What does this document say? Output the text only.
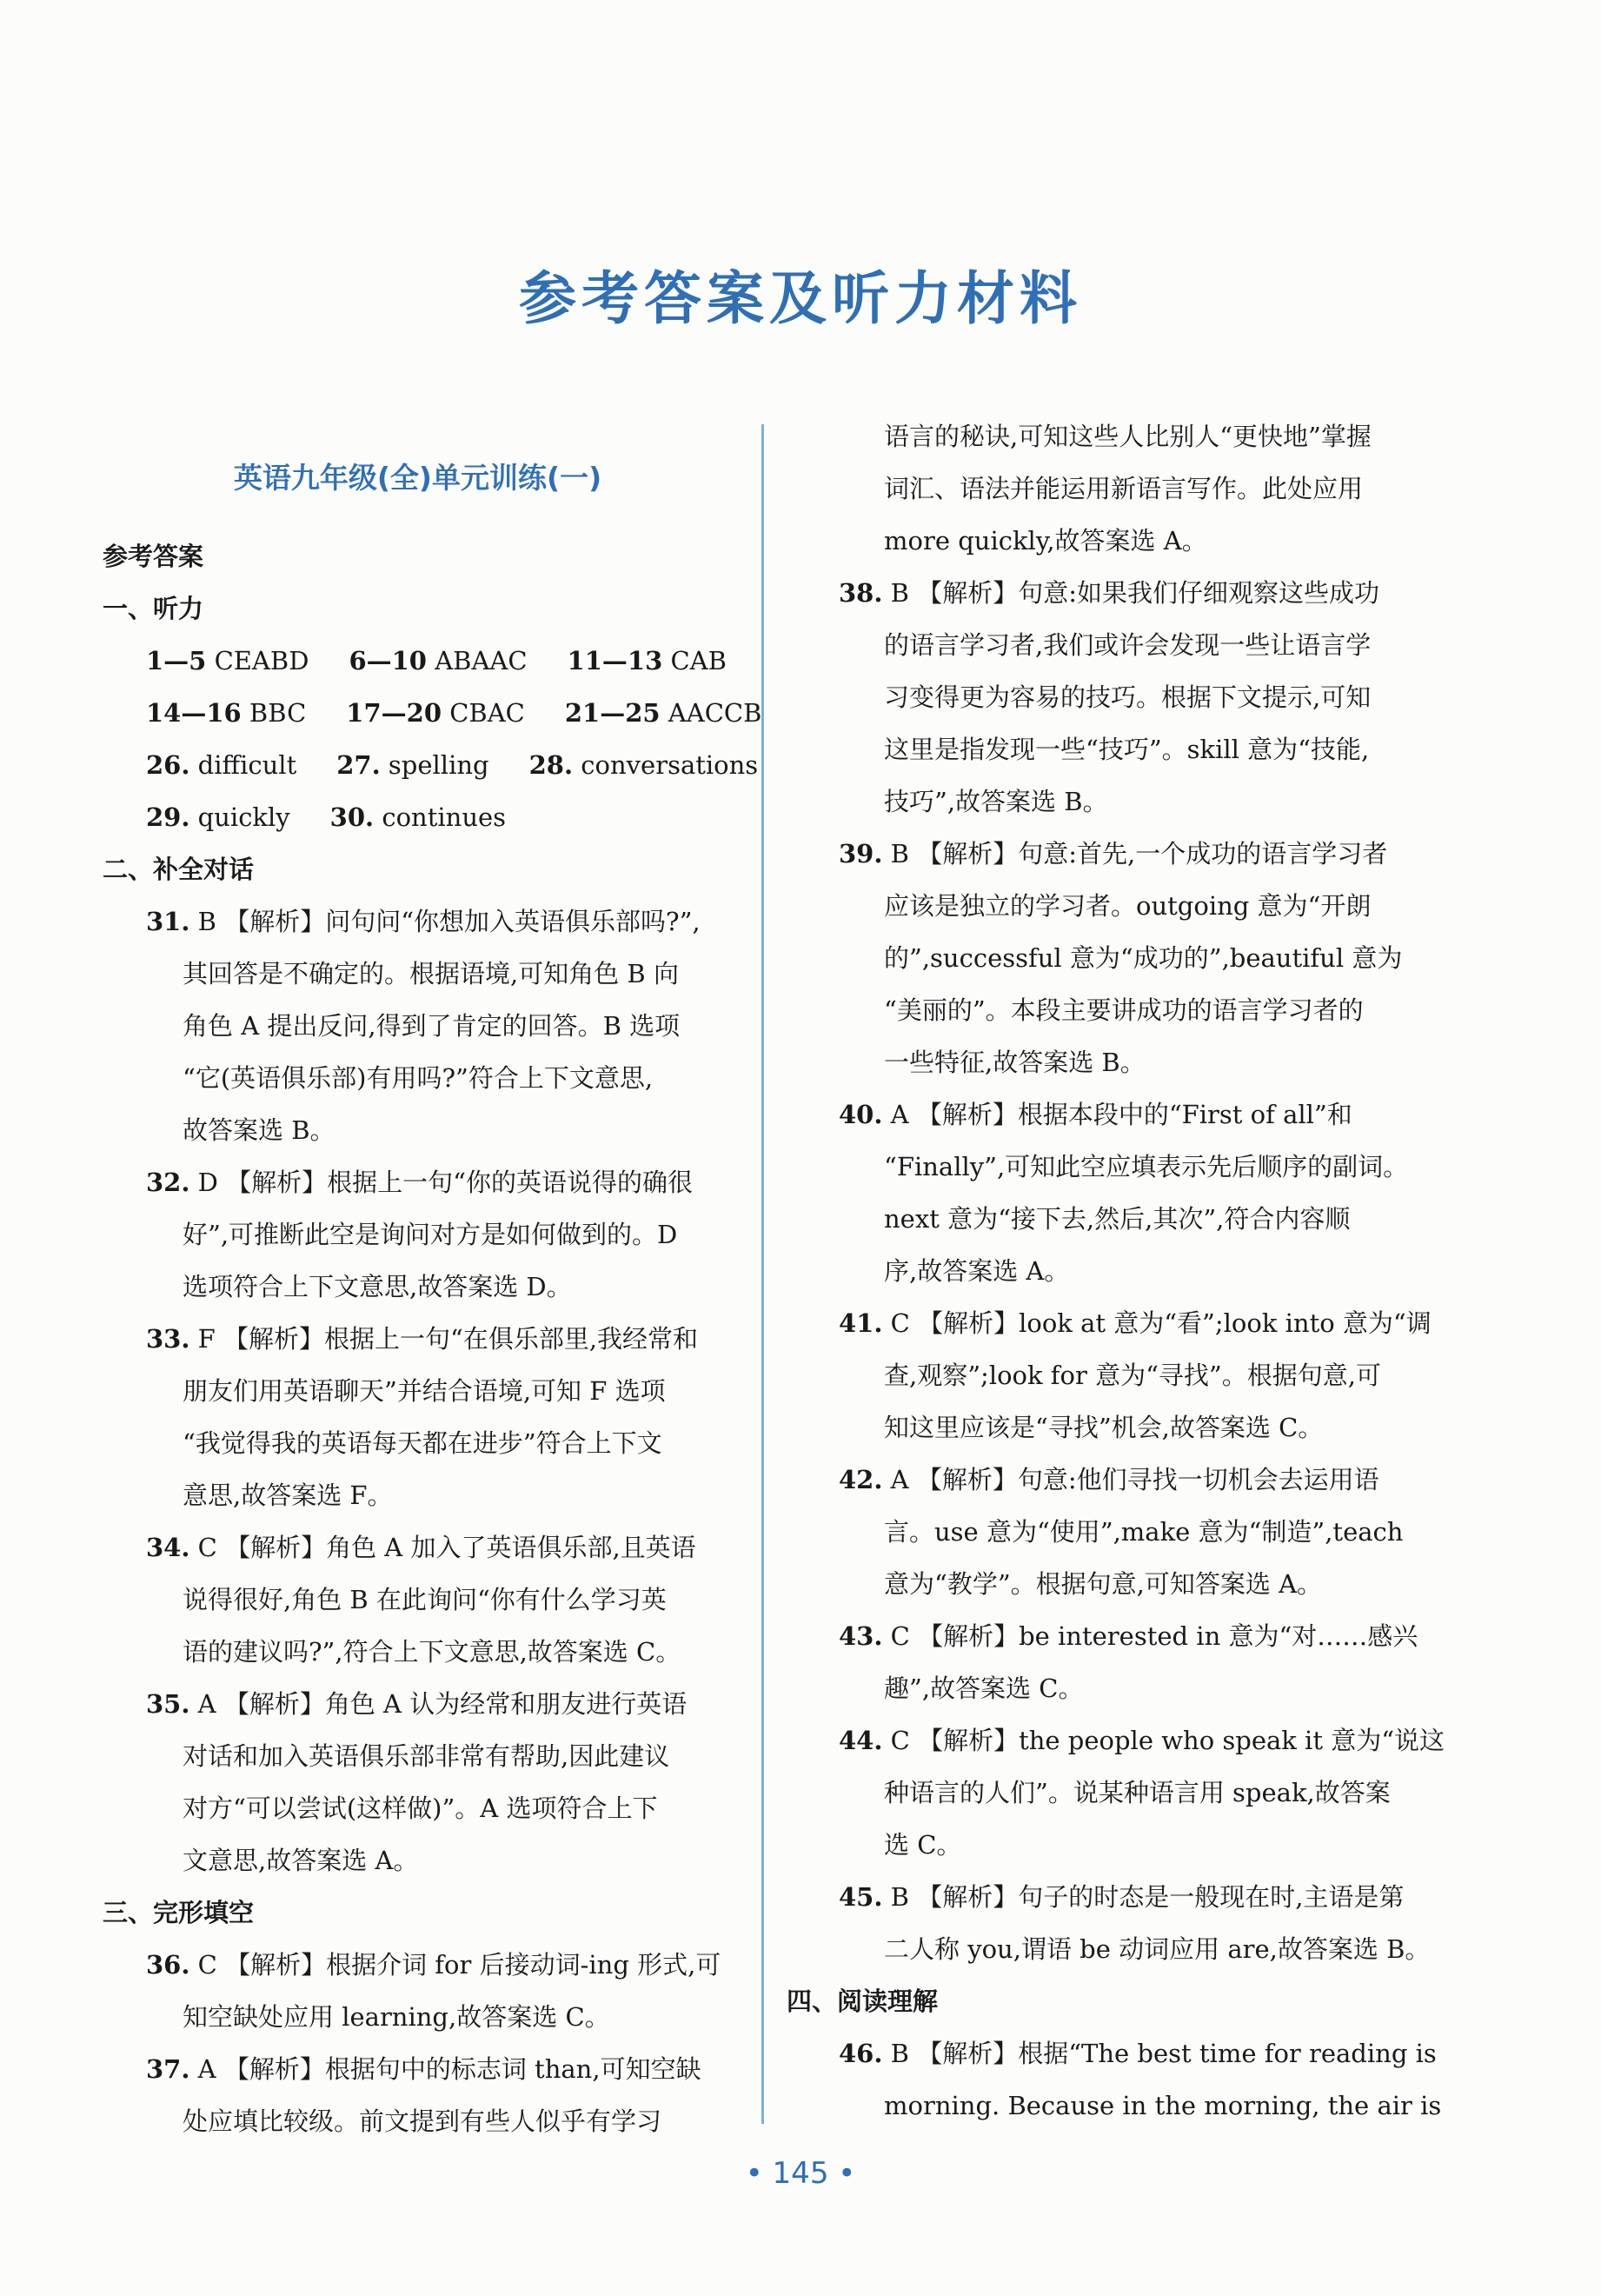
参考答案及听力材料
英语九年级(全)单元训练(一)
参考答案
一、听力
1—5 CEABD 6—10 ABAAC 11—13 CAB
14—16 BBC 17—20 CBAC 21—25 AACCB
26. difficult 27. spelling 28. conversations
29. quickly 30. continues
二、补全对话
31. B 【解析】问句问“你想加入英语俱乐部吗?”,
其回答是不确定的。根据语境,可知角色 B 向
角色 A 提出反问,得到了肯定的回答。B 选项
“它(英语俱乐部)有用吗?”符合上下文意思,
故答案选 B。
32. D 【解析】根据上一句“你的英语说得的确很
好”,可推断此空是询问对方是如何做到的。D
选项符合上下文意思,故答案选 D。
33. F 【解析】根据上一句“在俱乐部里,我经常和
朋友们用英语聊天”并结合语境,可知 F 选项
“我觉得我的英语每天都在进步”符合上下文
意思,故答案选 F。
34. C 【解析】角色 A 加入了英语俱乐部,且英语
说得很好,角色 B 在此询问“你有什么学习英
语的建议吗?”,符合上下文意思,故答案选 C。
35. A 【解析】角色 A 认为经常和朋友进行英语
对话和加入英语俱乐部非常有帮助,因此建议
对方“可以尝试(这样做)”。A 选项符合上下
文意思,故答案选 A。
三、完形填空
36. C 【解析】根据介词 for 后接动词-ing 形式,可
知空缺处应用 learning,故答案选 C。
37. A 【解析】根据句中的标志词 than,可知空缺
处应填比较级。前文提到有些人似乎有学习
语言的秘诀,可知这些人比别人“更快地”掌握
词汇、语法并能运用新语言写作。此处应用
more quickly,故答案选 A。
38. B 【解析】句意:如果我们仔细观察这些成功
的语言学习者,我们或许会发现一些让语言学
习变得更为容易的技巧。根据下文提示,可知
这里是指发现一些“技巧”。skill 意为“技能,
技巧”,故答案选 B。
39. B 【解析】句意:首先,一个成功的语言学习者
应该是独立的学习者。outgoing 意为“开朗
的”,successful 意为“成功的”,beautiful 意为
“美丽的”。本段主要讲成功的语言学习者的
一些特征,故答案选 B。
40. A 【解析】根据本段中的“First of all”和
“Finally”,可知此空应填表示先后顺序的副词。
next 意为“接下去,然后,其次”,符合内容顺
序,故答案选 A。
41. C 【解析】look at 意为“看”;look into 意为“调
查,观察”;look for 意为“寻找”。根据句意,可
知这里应该是“寻找”机会,故答案选 C。
42. A 【解析】句意:他们寻找一切机会去运用语
言。use 意为“使用”,make 意为“制造”,teach
意为“教学”。根据句意,可知答案选 A。
43. C 【解析】be interested in 意为“对……感兴
趣”,故答案选 C。
44. C 【解析】the people who speak it 意为“说这
种语言的人们”。说某种语言用 speak,故答案
选 C。
45. B 【解析】句子的时态是一般现在时,主语是第
二人称 you,谓语 be 动词应用 are,故答案选 B。
四、阅读理解
46. B 【解析】根据“The best time for reading is
morning. Because in the morning, the air is
• 145 •
